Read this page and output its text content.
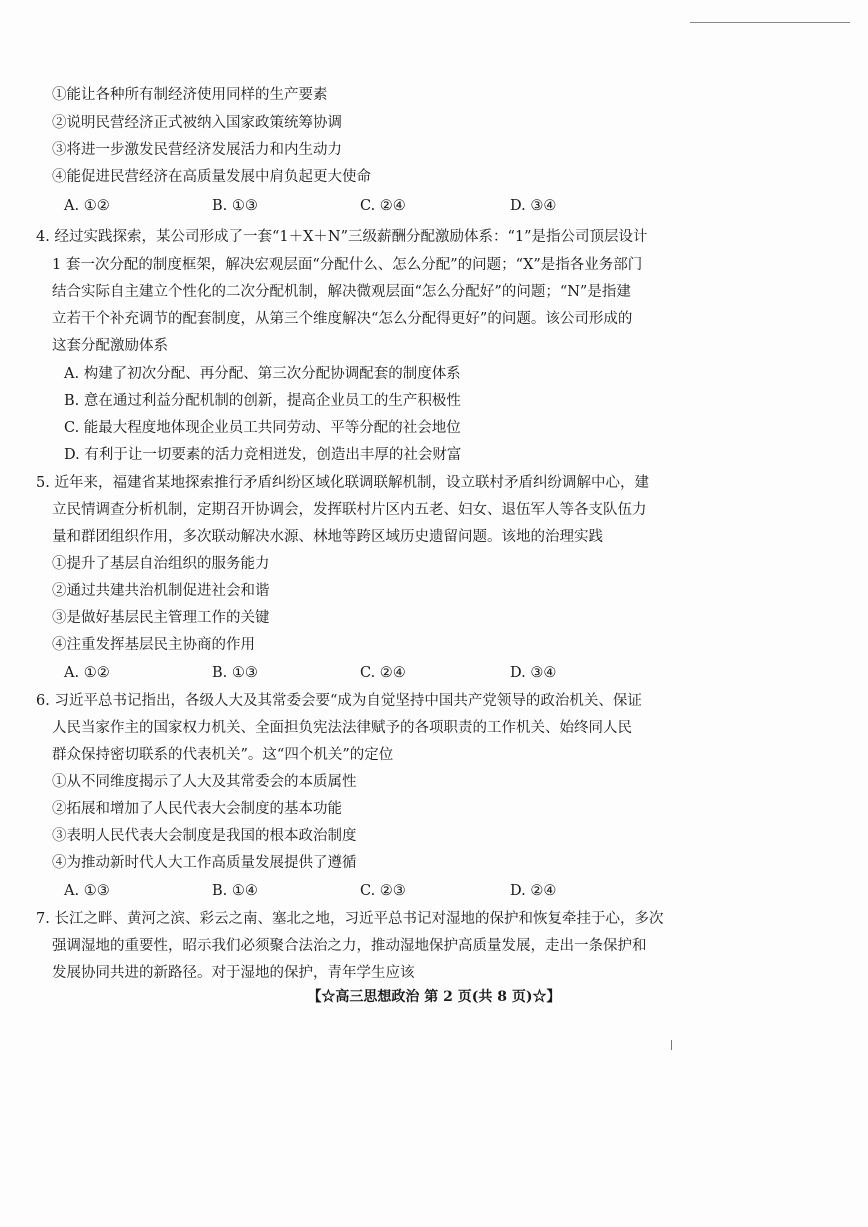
①能让各种所有制经济使用同样的生产要素
②说明民营经济正式被纳入国家政策统筹协调
③将进一步激发民营经济发展活力和内生动力
④能促进民营经济在高质量发展中肩负起更大使命
A. ①②	B. ①③	C. ②④	D. ③④
4. 经过实践探索，某公司形成了一套“1＋X＋N”三级薪酬分配激励体系：“1”是指公司顶层设计
1 套一次分配的制度框架，解决宏观层面“分配什么、怎么分配”的问题；“X”是指各业务部门
结合实际自主建立个性化的二次分配机制，解决微观层面“怎么分配好”的问题；“N”是指建
立若干个补充调节的配套制度，从第三个维度解决“怎么分配得更好”的问题。该公司形成的
这套分配激励体系
A. 构建了初次分配、再分配、第三次分配协调配套的制度体系
B. 意在通过利益分配机制的创新，提高企业员工的生产积极性
C. 能最大程度地体现企业员工共同劳动、平等分配的社会地位
D. 有利于让一切要素的活力竞相迸发，创造出丰厚的社会财富
5. 近年来，福建省某地探索推行矛盾纠纷区域化联调联解机制，设立联村矛盾纠纷调解中心，建
立民情调查分析机制，定期召开协调会，发挥联村片区内五老、妇女、退伍军人等各支队伍力
量和群团组织作用，多次联动解决水源、林地等跨区域历史遗留问题。该地的治理实践
①提升了基层自治组织的服务能力
②通过共建共治机制促进社会和谐
③是做好基层民主管理工作的关键
④注重发挥基层民主协商的作用
A. ①②	B. ①③	C. ②④	D. ③④
6. 习近平总书记指出，各级人大及其常委会要“成为自觉坚持中国共产党领导的政治机关、保证
人民当家作主的国家权力机关、全面担负宪法法律赋予的各项职责的工作机关、始终同人民
群众保持密切联系的代表机关”。这“四个机关”的定位
①从不同维度揭示了人大及其常委会的本质属性
②拓展和增加了人民代表大会制度的基本功能
③表明人民代表大会制度是我国的根本政治制度
④为推动新时代人大工作高质量发展提供了遵循
A. ①③	B. ①④	C. ②③	D. ②④
7. 长江之畔、黄河之滨、彩云之南、塞北之地，习近平总书记对湿地的保护和恢复牵挂于心，多次
强调湿地的重要性，昭示我们必须聚合法治之力，推动湿地保护高质量发展，走出一条保护和
发展协同共进的新路径。对于湿地的保护，青年学生应该
【☆高三思想政治 第 2 页(共 8 页)☆】
